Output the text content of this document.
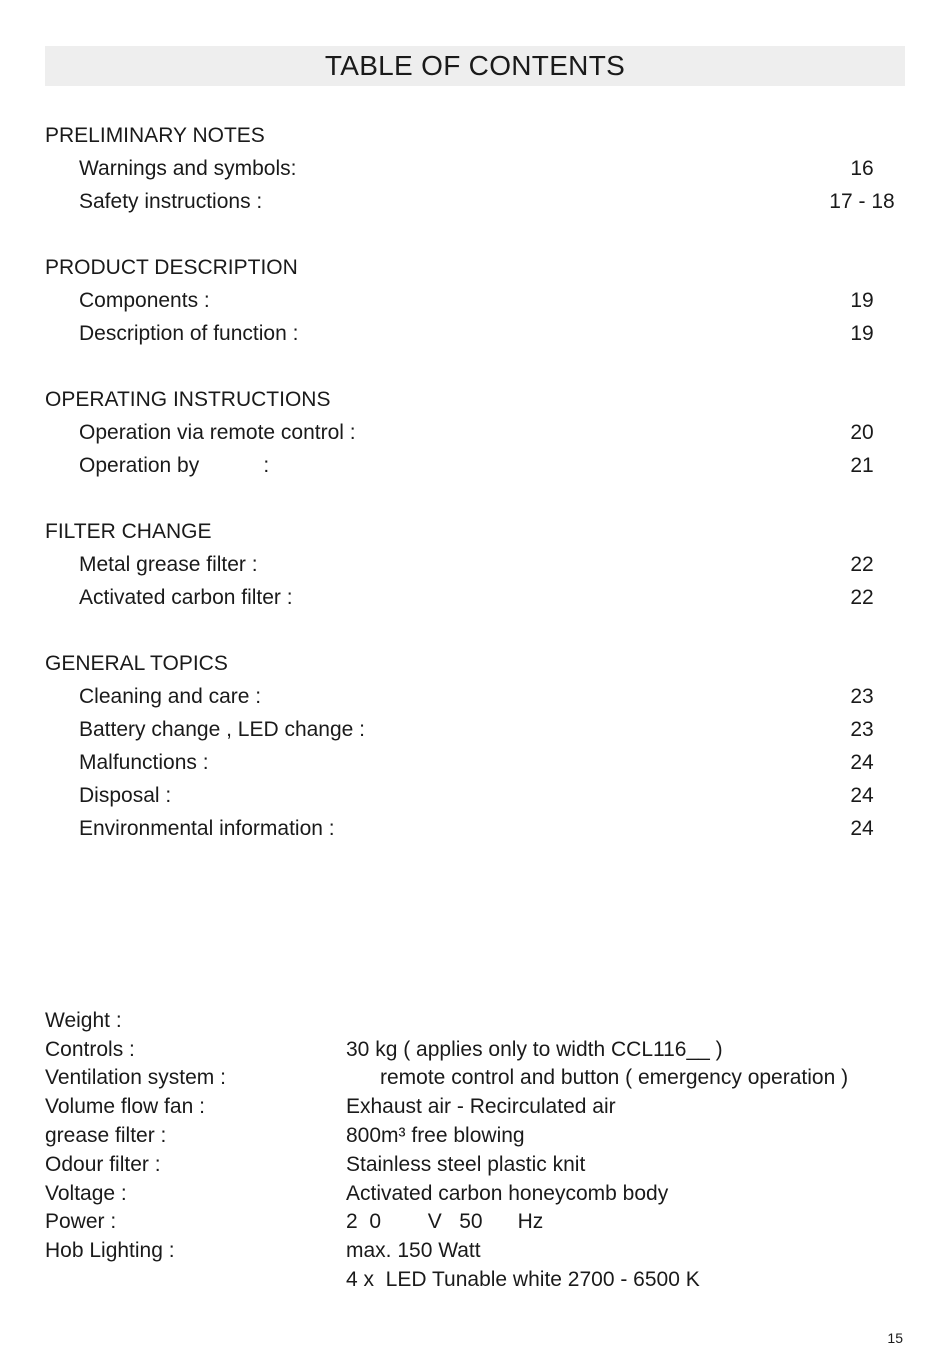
TABLE OF CONTENTS
PRELIMINARY NOTES
Warnings and symbols:	16
Safety instructions :	17 - 18
PRODUCT DESCRIPTION
Components :	19
Description of function :	19
OPERATING INSTRUCTIONS
Operation via remote control :	20
Operation by           :	21
FILTER CHANGE
Metal grease filter :	22
Activated carbon filter :	22
GENERAL TOPICS
Cleaning and care :	23
Battery change , LED change :	23
Malfunctions :	24
Disposal :	24
Environmental information :	24

Weight :

30 kg ( applies only to width CCL116__ )

Controls :

remote control and button ( emergency operation )

Ventilation system :

Exhaust air - Recirculated air

Volume flow fan :

800m³ free blowing

grease filter :

Stainless steel plastic knit

Odour filter :

Activated carbon honeycomb body

Voltage :

2  0        V   50      Hz

Power :

max. 150 Watt

Hob Lighting :

4 x  LED Tunable white 2700 - 6500 K

15
